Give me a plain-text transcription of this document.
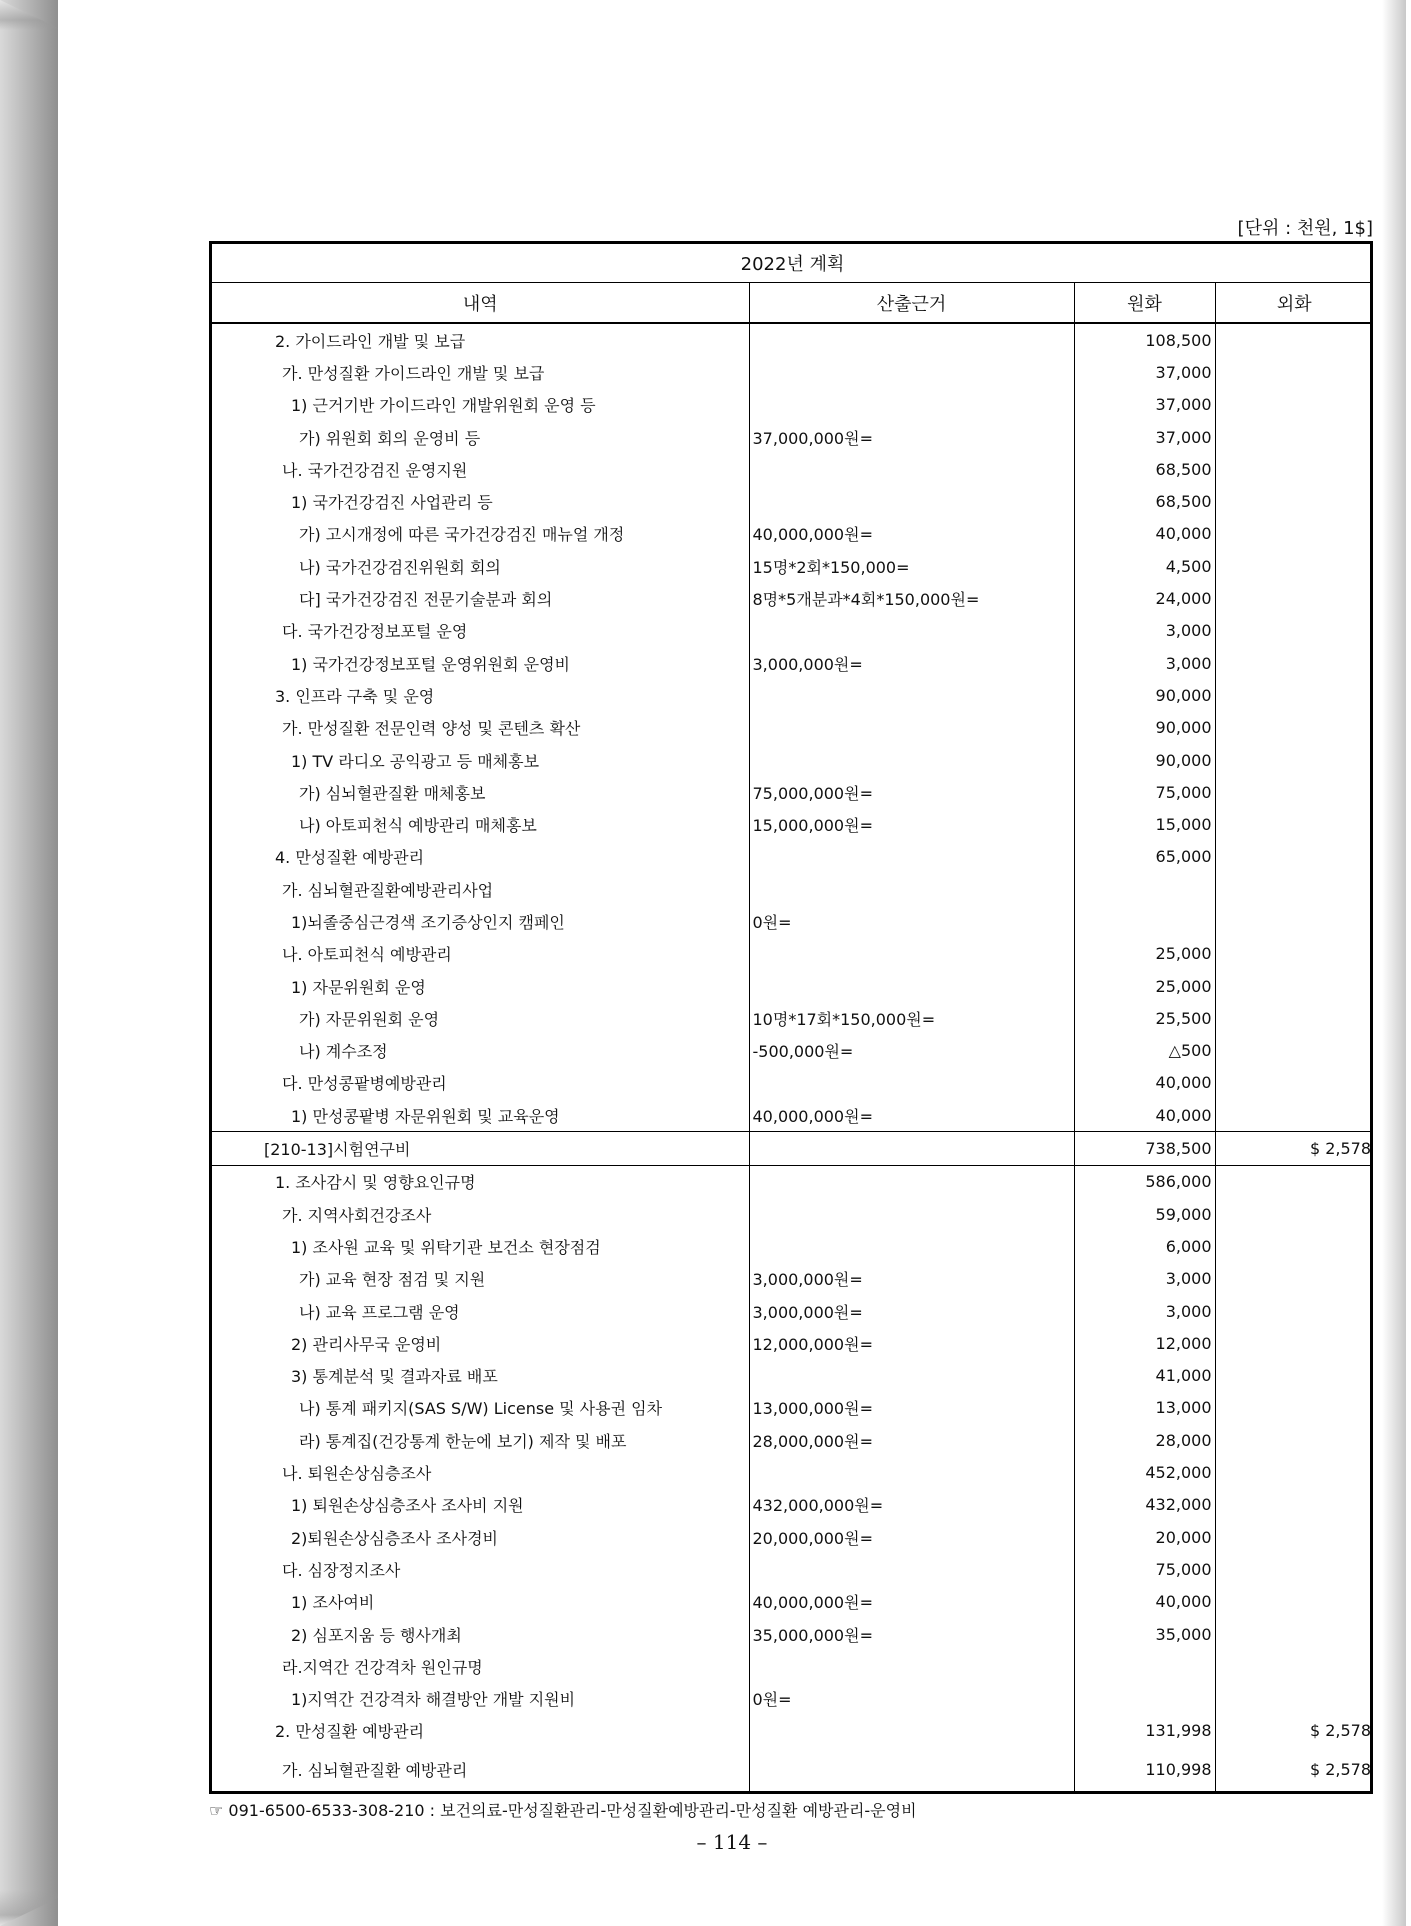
[단위 : 천원, 1$]
2022년 계획			
내역	산출근거	원화	외화
2. 가이드라인 개발 및 보급		108,500	
가. 만성질환 가이드라인 개발 및 보급		37,000	
1) 근거기반 가이드라인 개발위원회 운영 등		37,000	
가) 위원회 회의 운영비 등	37,000,000원=	37,000	
나. 국가건강검진 운영지원		68,500	
1) 국가건강검진 사업관리 등		68,500	
가) 고시개정에 따른 국가건강검진 매뉴얼 개정	40,000,000원=	40,000	
나) 국가건강검진위원회 회의	15명*2회*150,000=	4,500	
다] 국가건강검진 전문기술분과 회의	8명*5개분과*4회*150,000원=	24,000	
다. 국가건강정보포털 운영		3,000	
1) 국가건강정보포털 운영위원회 운영비	3,000,000원=	3,000	
3. 인프라 구축 및 운영		90,000	
가. 만성질환 전문인력 양성 및 콘텐츠 확산		90,000	
1) TV 라디오 공익광고 등 매체홍보		90,000	
가) 심뇌혈관질환 매체홍보	75,000,000원=	75,000	
나) 아토피천식 예방관리 매체홍보	15,000,000원=	15,000	
4. 만성질환 예방관리		65,000	
가. 심뇌혈관질환예방관리사업			
1)뇌졸중심근경색 조기증상인지 캠페인	0원=		
나. 아토피천식 예방관리		25,000	
1) 자문위원회 운영		25,000	
가) 자문위원회 운영	10명*17회*150,000원=	25,500	
나) 계수조정	-500,000원=	△500	
다. 만성콩팥병예방관리		40,000	
1) 만성콩팥병 자문위원회 및 교육운영	40,000,000원=	40,000	
[210-13]시험연구비		738,500	$ 2,578
1. 조사감시 및 영향요인규명		586,000	
가. 지역사회건강조사		59,000	
1) 조사원 교육 및 위탁기관 보건소 현장점검		6,000	
가) 교육 현장 점검 및 지원	3,000,000원=	3,000	
나) 교육 프로그램 운영	3,000,000원=	3,000	
2) 관리사무국 운영비	12,000,000원=	12,000	
3) 통계분석 및 결과자료 배포		41,000	
나) 통계 패키지(SAS S/W) License 및 사용권 임차	13,000,000원=	13,000	
라) 통계집(건강통계 한눈에 보기) 제작 및 배포	28,000,000원=	28,000	
나. 퇴원손상심층조사		452,000	
1) 퇴원손상심층조사 조사비 지원	432,000,000원=	432,000	
2)퇴원손상심층조사 조사경비	20,000,000원=	20,000	
다. 심장정지조사		75,000	
1) 조사여비	40,000,000원=	40,000	
2) 심포지움 등 행사개최	35,000,000원=	35,000	
라.지역간 건강격차 원인규명			
1)지역간 건강격차 해결방안 개발 지원비	0원=		
2. 만성질환 예방관리		131,998	$ 2,578
가. 심뇌혈관질환 예방관리		110,998	$ 2,578
☞ 091-6500-6533-308-210 : 보건의료-만성질환관리-만성질환예방관리-만성질환 예방관리-운영비
– 114 –
